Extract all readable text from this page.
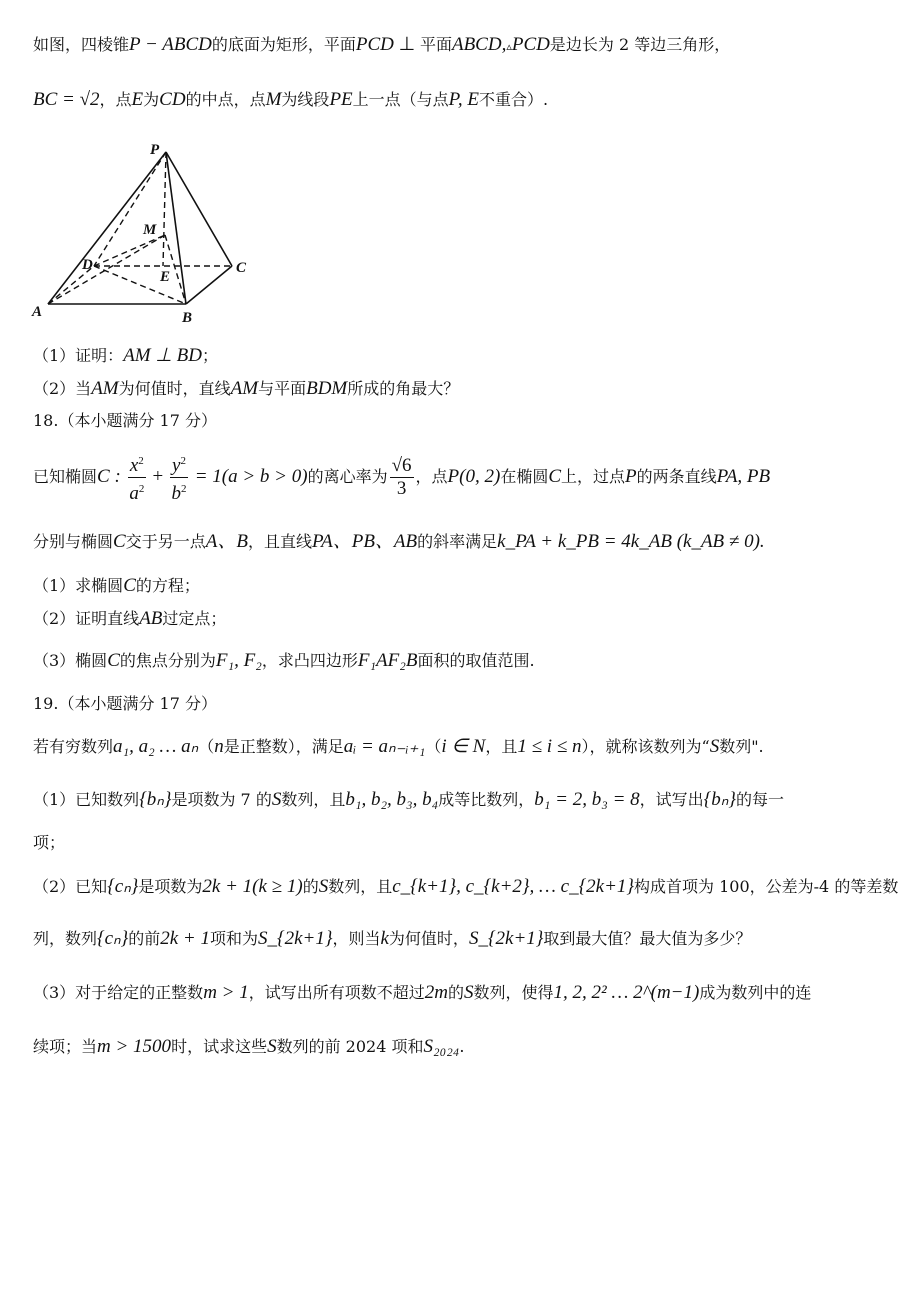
如图，四棱锥P − ABCD的底面为矩形，平面PCD ⊥ 平面ABCD,▵PCD是边长为 2 等边三角形，
BC = √2，点E为CD的中点，点M为线段PE上一点（与点P, E不重合）.
P
M
D
E
C
A	B
（1）证明：AM ⊥ BD；
（2）当AM为何值时，直线AM与平面BDM所成的角最大？
18.（本小题满分 17 分）
已知椭圆C : $\frac{x^2}{a^2} + \frac{y^2}{b^2} = 1(a > b > 0)$的离心率为 $\frac{√6}{3}$ ，点P(0, 2)在椭圆C上，过点P的两条直线PA, PB
分别与椭圆C交于另一点A、B，且直线PA、PB、AB的斜率满足k_PA + k_PB = 4k_AB (k_AB ≠ 0).
（1）求椭圆C的方程；
（2）证明直线AB过定点；
（3）椭圆C的焦点分别为F₁, F₂，求凸四边形F₁AF₂B面积的取值范围.
19.（本小题满分 17 分）
若有穷数列a₁, a₂ … aₙ（n是正整数），满足aᵢ = aₙ₋ᵢ₊₁（i ∈ N，且1 ≤ i ≤ n），就称该数列为“S数列".
（1）已知数列{bₙ}是项数为 7 的S数列，且b₁, b₂, b₃, b₄成等比数列，b₁ = 2, b₃ = 8，试写出{bₙ}的每一
项；
（2）已知{cₙ}是项数为2k + 1(k ≥ 1)的S数列，且c_{k+1}, c_{k+2}, … c_{2k+1}构成首项为 100，公差为-4 的等差数
列，数列{cₙ}的前2k + 1项和为S_{2k+1}，则当k为何值时，S_{2k+1}取到最大值？最大值为多少？
（3）对于给定的正整数m > 1，试写出所有项数不超过2m的S数列，使得1, 2, 2² … 2^(m−1)成为数列中的连
续项；当m > 1500时，试求这些S数列的前 2024 项和S₂₀₂₄.
